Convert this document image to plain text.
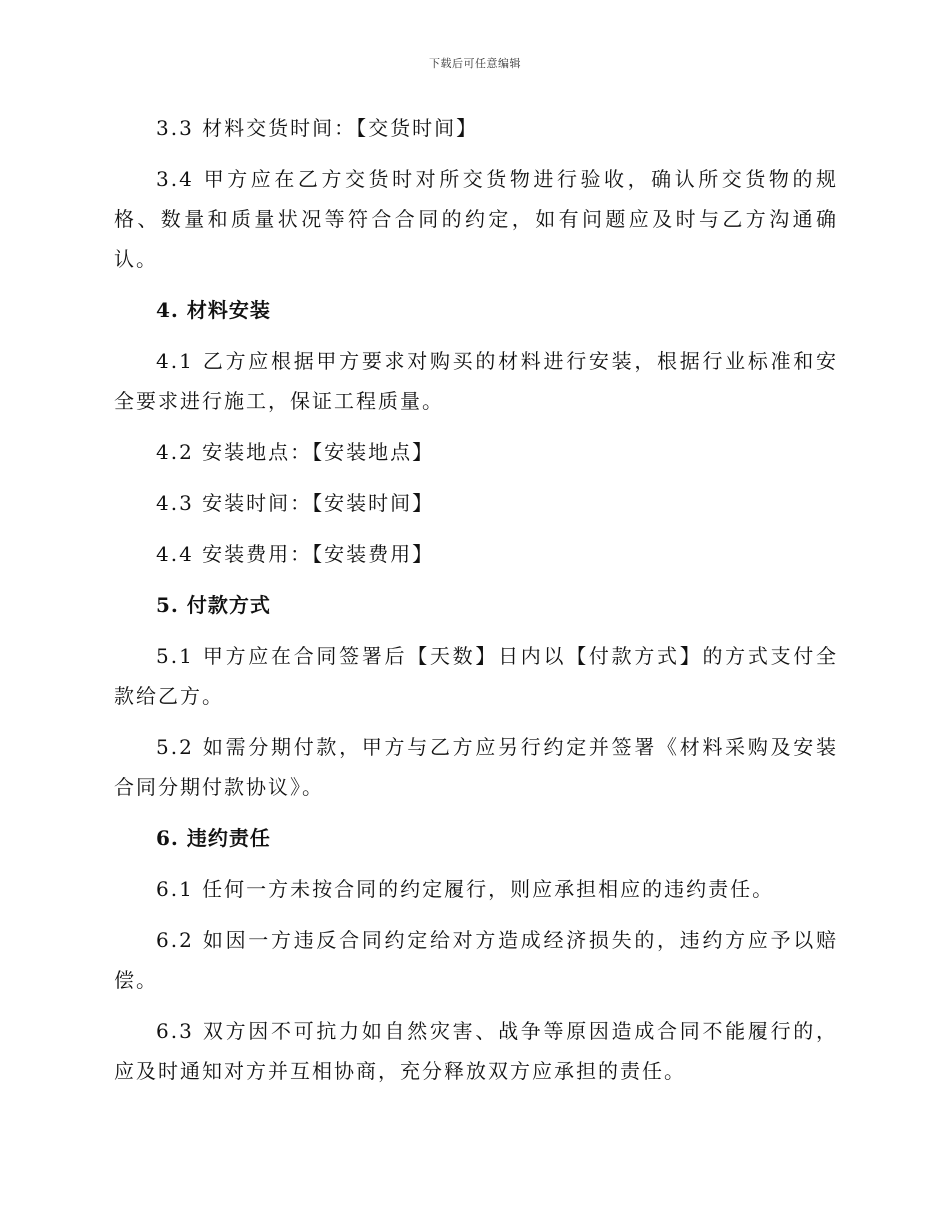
下载后可任意编辑

3.3 材料交货时间：【交货时间】

3.4 甲方应在乙方交货时对所交货物进行验收，确认所交货物的规格、数量和质量状况等符合合同的约定，如有问题应及时与乙方沟通确认。

4. 材料安装

4.1 乙方应根据甲方要求对购买的材料进行安装，根据行业标准和安全要求进行施工，保证工程质量。

4.2 安装地点：【安装地点】

4.3 安装时间：【安装时间】

4.4 安装费用：【安装费用】

5. 付款方式

5.1 甲方应在合同签署后【天数】日内以【付款方式】的方式支付全款给乙方。

5.2 如需分期付款，甲方与乙方应另行约定并签署《材料采购及安装合同分期付款协议》。

6. 违约责任

6.1 任何一方未按合同的约定履行，则应承担相应的违约责任。

6.2 如因一方违反合同约定给对方造成经济损失的，违约方应予以赔偿。

6.3 双方因不可抗力如自然灾害、战争等原因造成合同不能履行的，应及时通知对方并互相协商，充分释放双方应承担的责任。
